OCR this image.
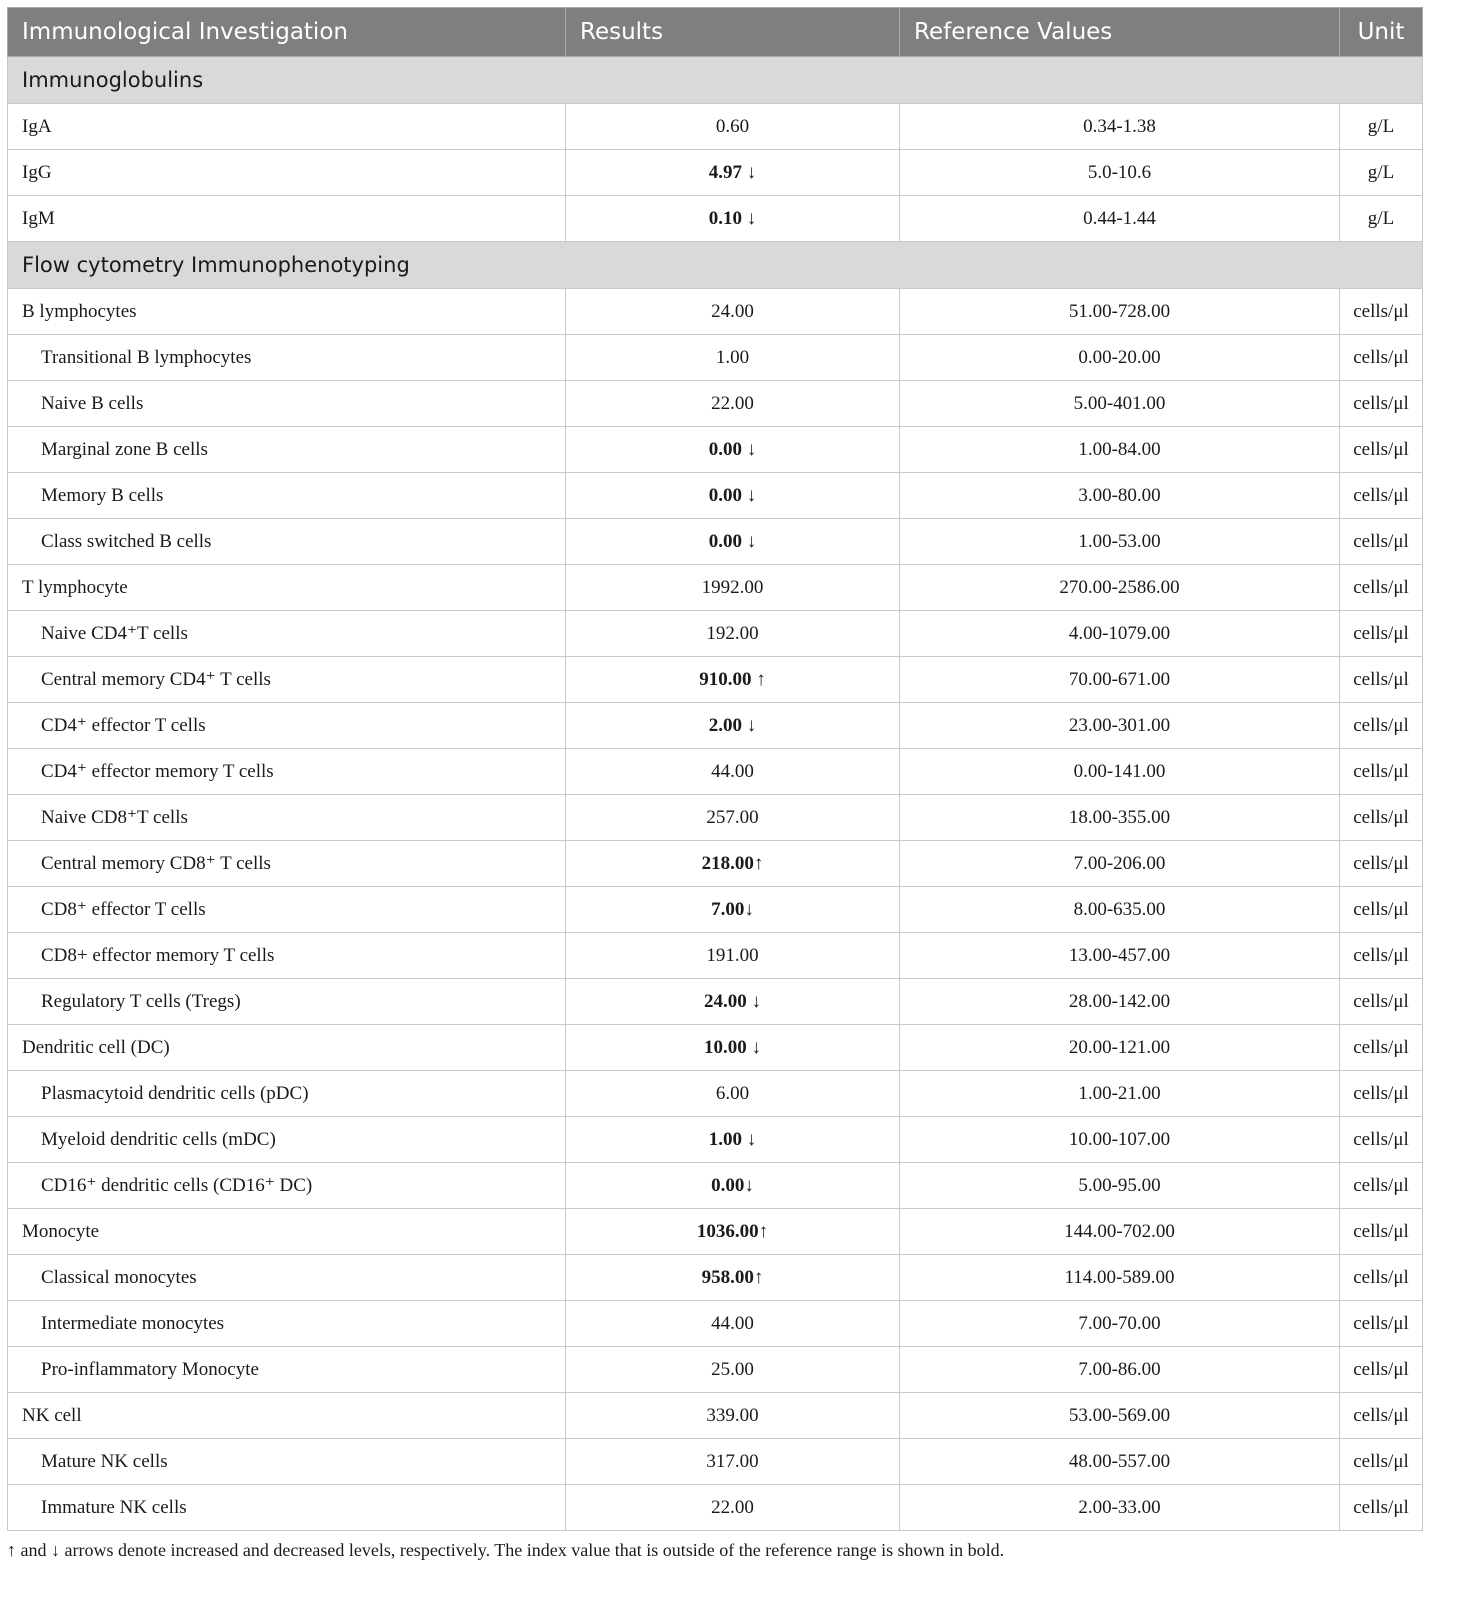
Immunological Investigation	Results	Reference Values	Unit
Immunoglobulins			
IgA	0.60	0.34-1.38	g/L
IgG	4.97 ↓	5.0-10.6	g/L
IgM	0.10 ↓	0.44-1.44	g/L
Flow cytometry Immunophenotyping			
B lymphocytes	24.00	51.00-728.00	cells/μl
Transitional B lymphocytes	1.00	0.00-20.00	cells/μl
Naive B cells	22.00	5.00-401.00	cells/μl
Marginal zone B cells	0.00 ↓	1.00-84.00	cells/μl
Memory B cells	0.00 ↓	3.00-80.00	cells/μl
Class switched B cells	0.00 ↓	1.00-53.00	cells/μl
T lymphocyte	1992.00	270.00-2586.00	cells/μl
Naive CD4⁺T cells	192.00	4.00-1079.00	cells/μl
Central memory CD4⁺ T cells	910.00 ↑	70.00-671.00	cells/μl
CD4⁺ effector T cells	2.00 ↓	23.00-301.00	cells/μl
CD4⁺ effector memory T cells	44.00	0.00-141.00	cells/μl
Naive CD8⁺T cells	257.00	18.00-355.00	cells/μl
Central memory CD8⁺ T cells	218.00↑	7.00-206.00	cells/μl
CD8⁺ effector T cells	7.00↓	8.00-635.00	cells/μl
CD8+ effector memory T cells	191.00	13.00-457.00	cells/μl
Regulatory T cells (Tregs)	24.00 ↓	28.00-142.00	cells/μl
Dendritic cell (DC)	10.00 ↓	20.00-121.00	cells/μl
Plasmacytoid dendritic cells (pDC)	6.00	1.00-21.00	cells/μl
Myeloid dendritic cells (mDC)	1.00 ↓	10.00-107.00	cells/μl
CD16⁺ dendritic cells (CD16⁺ DC)	0.00↓	5.00-95.00	cells/μl
Monocyte	1036.00↑	144.00-702.00	cells/μl
Classical monocytes	958.00↑	114.00-589.00	cells/μl
Intermediate monocytes	44.00	7.00-70.00	cells/μl
Pro-inflammatory Monocyte	25.00	7.00-86.00	cells/μl
NK cell	339.00	53.00-569.00	cells/μl
Mature NK cells	317.00	48.00-557.00	cells/μl
Immature NK cells	22.00	2.00-33.00	cells/μl
↑ and ↓ arrows denote increased and decreased levels, respectively. The index value that is outside of the reference range is shown in bold.
